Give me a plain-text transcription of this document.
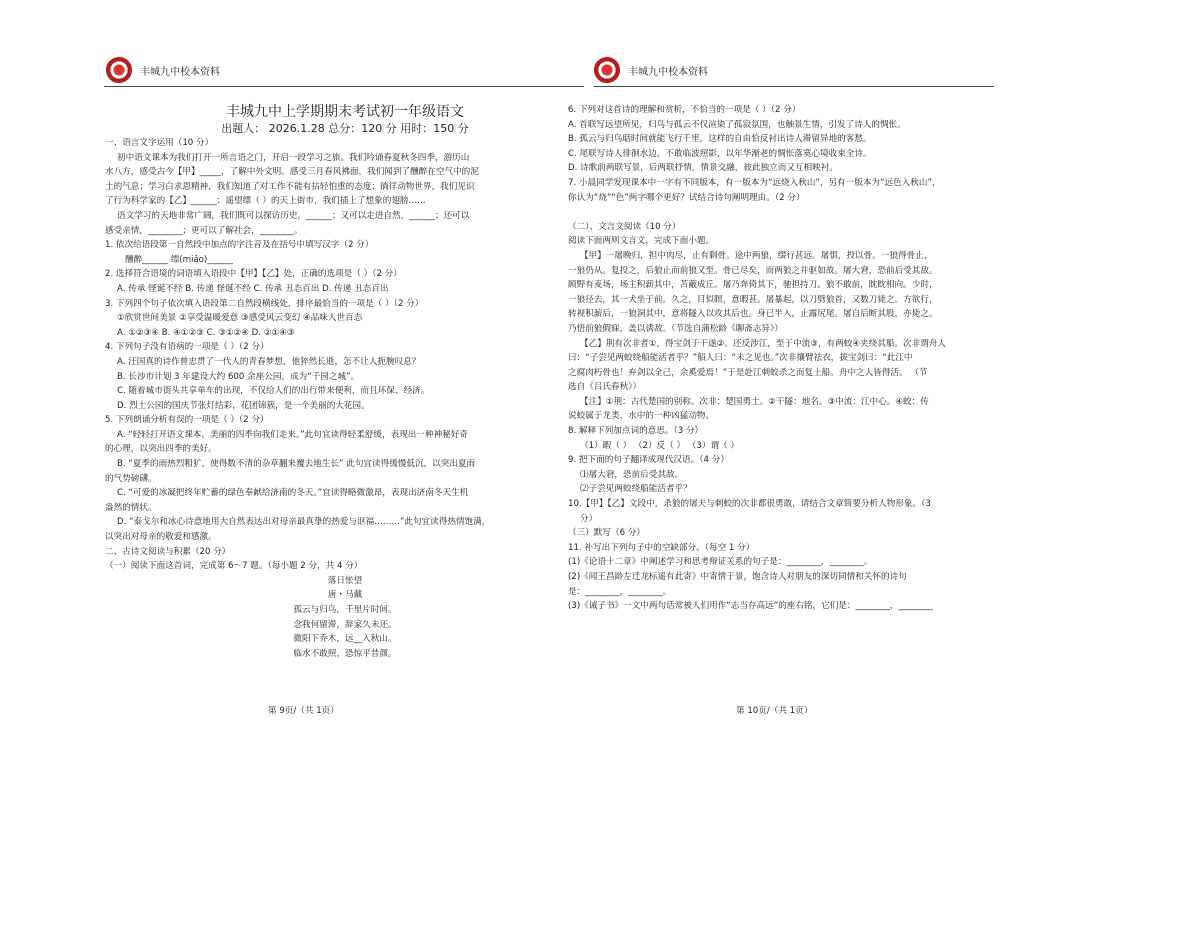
丰城九中校本资料
丰城九中上学期期末考试初一年级语文
出题人： 2026.1.28 总分：120 分 用时：150 分
一、语言文字运用（10 分）
初中语文课本为我们打开一所言语之门，开启一段学习之旅。我们吟诵春夏秋冬四季，游历山
水八方，感受古今【甲】_____，了解中外文明。感受三月春风拂面，我们闻到了醺醉在空气中的泥
土的气息；学习白求恩精神，我们知道了对工作不能有拈轻怕重的态度；徜徉动物世界，我们见识
了行为科学家的【乙】______；遥望缥（ ）的天上街市，我们插上了想象的翅膀……
语文学习的天地非常广阔，我们既可以探访历史，______；又可以走进自然，______；还可以
感受亲情，________；更可以了解社会，________。
1. 依次给语段第一自然段中加点的字注音及在括号中填写汉字（2 分）
醺醉______ 缥(miǎo)______
2. 选择符合语境的词语填入语段中【甲】【乙】处，正确的选项是（ ）（2 分）
A. 传承 怪诞不经 B. 传递 怪诞不经 C. 传承 丑态百出 D. 传递 丑态百出
3. 下列四个句子依次填入语段第二自然段横线处，排序最恰当的一项是（ ）（2 分）
①欣赏世间美景 ②享受温暖爱意 ③感受风云变幻 ④品味人世百态
A. ①②③④ B. ④①②③ C. ③①②④ D. ②①④③
4. 下列句子没有语病的一项是（ ）（2 分）
A. 汪国真的诗作曾忠贯了一代人的青春梦想，他猝然长逝，怎不让人扼腕叹息？
B. 长沙市计划 3 年建设大约 600 余座公园，成为“千园之城”。
C. 随着城市街头共享单车的出现，不仅给人们的出行带来便利，而且环保、经济。
D. 烈士公园的国庆节张灯结彩，花团锦簇，是一个美丽的大花园。
5. 下列朗诵分析有误的一项是（ ）（2 分）
A. “轻轻打开语文课本，美丽的四季向我们走来。”此句宜读得轻柔舒缓，表现出一种神秘好奇
的心理，以突出四季的美好。
B. “夏季的雨热烈粗犷，使得数不清的杂草翻来覆去地生长” 此句宜读得缓慢低沉，以突出夏雨
的气势磅礴。
C. “可爱的冰凝把终年贮蓄的绿色奉献给济南的冬天。”宜读得略微激昂，表现出济南冬天生机
盎然的情状。
D. “泰戈尔和冰心诗意地用大自然表达出对母亲最真挚的热爱与讴福………”此句宜读得热情饱满，
以突出对母亲的敬爱和感激。
二、古诗文阅读与积累（20 分）
（一）阅读下面这首词，完成第 6～7 题。（每小题 2 分，共 4 分）
落日怅望
唐・马戴
孤云与归鸟，千里片时间。
念我何留滞，辞家久未还。
微阳下乔木，远__入秋山。
临水不敢照，恐惊平昔颜。
第 9页/（共 1页）
丰城九中校本资料
6. 下列对这首诗的理解和赏析，不恰当的一项是（ ）（2 分）
A. 首联写远望所见，归鸟与孤云不仅渲染了孤寂氛围，也触景生情，引发了诗人的惆怅。
B. 孤云与归鸟聒时间就能飞行千里，这样的自由恰反衬出诗人滞留异地的客愁。
C. 尾联写诗人徘徊水边，不敢临波照影，以年华渐老的惆怅落寞心境收束全诗。
D. 诗歌前两联写景，后两联抒情，情景交融，彼此独立而又互相映衬。
7. 小晨同学发现课本中一字有不同版本，有一版本为“远烧入秋山”，另有一版本为“远色入秋山”，
你认为“烧”“色”两字哪个更好？试结合诗句阐明理由。（2 分）

（二）、文言文阅读（10 分）
阅读下面两则文言文，完成下面小题。
【甲】一屠晚归，担中肉尽，止有剩骨。途中两狼，缀行甚远。屠惧，投以骨。一狼得骨止，
一狼仍从。复投之，后狼止而前狼又至。骨已尽矣，而两狼之并驱如故。屠大窘，恐前后受其敌。
顾野有麦场，场主积薪其中，苫蔽成丘。屠乃奔倚其下，驰担持刀。狼不敢前，眈眈相向。少时，
一狼径去，其一犬坐于前。久之，目似瞑，意暇甚。屠暴起，以刀劈狼首，又数刀毙之。方欲行，
转视积薪后，一狼洞其中，意将隧入以攻其后也。身已半入，止露尻尾。屠自后断其股，亦毙之。
乃悟前狼假寐，盖以诱敌。（节选自蒲松龄《聊斋志异》）
【乙】荆有次非者①，得宝剑于干遂②。还反涉江，至于中流③，有两蛟④夹绕其船。次非谓舟人
曰：“子尝见两蛟绕船能活者乎？”船人曰：“未之见也。”次非攘臂祛衣，拔宝剑曰：“此江中
之腐肉朽骨也！弃剑以全己，余奚爱焉！”于是赴江刺蛟杀之而复上船。舟中之人皆得活。 （节
选自《吕氏春秋》）
【注】①荆：古代楚国的别称。次非：楚国勇士。②干隧：地名。③中流：江中心。④蛟：传
说蛟属于龙类，水中的一种凶猛动物。
8. 解释下列加点词的意思。（3 分）
（1）暇（ ） （2）反（ ） （3）谓（ ）
9. 把下面的句子翻译成现代汉语。（4 分）
⑴屠大窘，恐前后受其敌。
⑵子尝见两蛟绕船能活者乎？
10.【甲】【乙】文段中，杀狼的屠夫与刺蛟的次非都很勇敢，请结合文章简要分析人物形象。（3
分）
（三）默写（6 分）
11. 补写出下列句子中的空缺部分。（每空 1 分）
(1)《论语十二章》中阐述学习和思考辩证关系的句子是：________，________。
(2)《闻王昌龄左迁龙标遥有此寄》中寄情于景，饱含诗人对朋友的深切同情和关怀的诗句
是：________，________。
(3)《诫子书》一文中两句话常被人们用作“志当存高远”的座右铭，它们是：________，________
第 10页/（共 1页）
